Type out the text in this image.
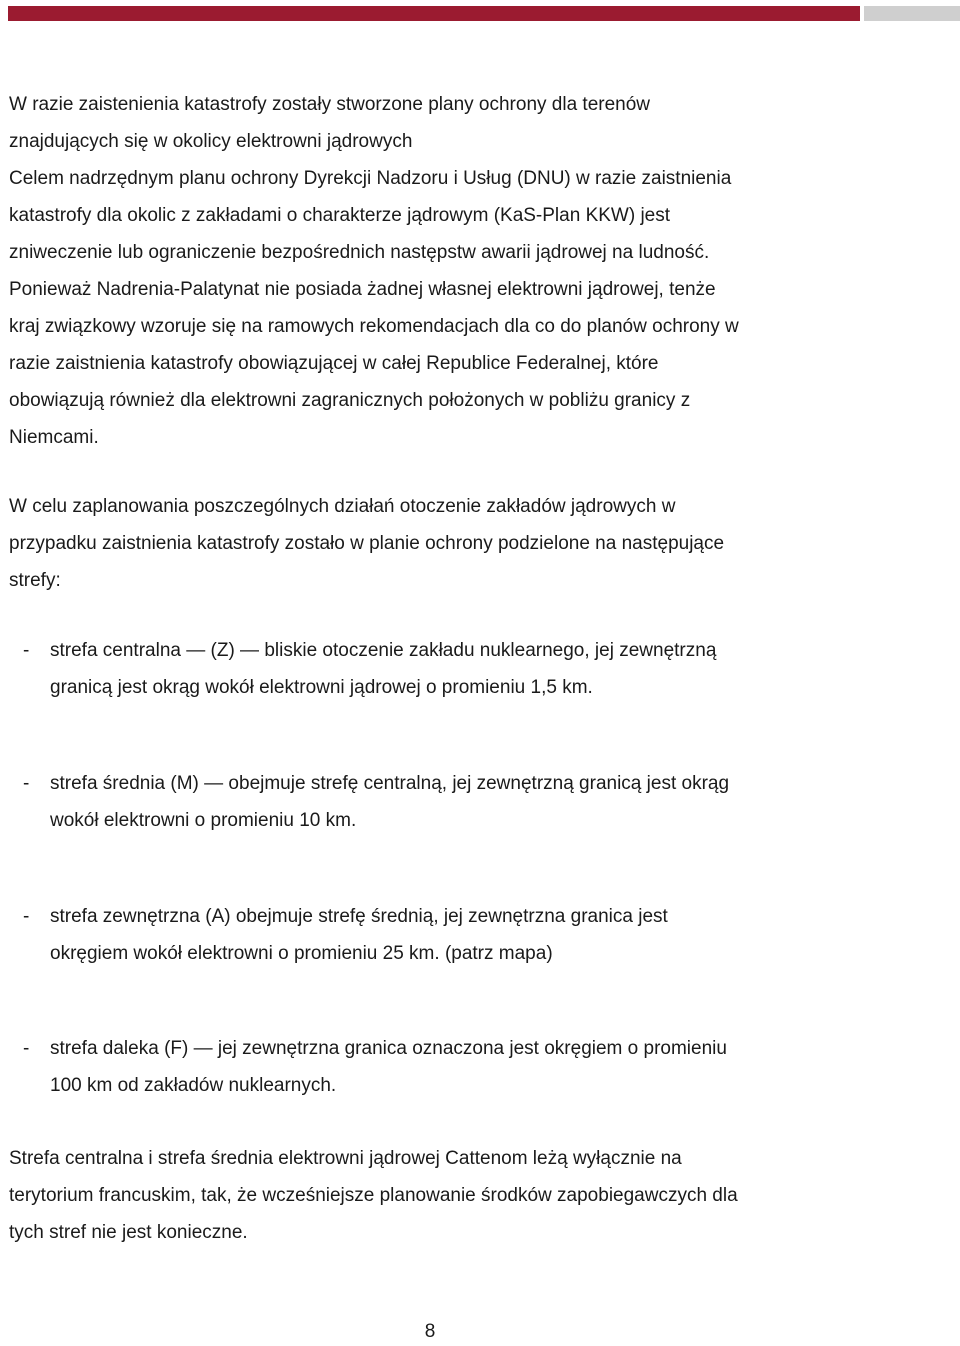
W razie zaistenienia katastrofy zostały stworzone plany ochrony dla terenów
znajdujących się w okolicy elektrowni jądrowych
Celem nadrzędnym planu ochrony Dyrekcji Nadzoru i Usług (DNU) w razie zaistnienia
katastrofy dla okolic z zakładami o charakterze jądrowym (KaS-Plan KKW) jest
zniweczenie lub ograniczenie bezpośrednich następstw awarii jądrowej na ludność.
Ponieważ Nadrenia-Palatynat nie posiada żadnej własnej elektrowni jądrowej, tenże
kraj związkowy wzoruje się na ramowych rekomendacjach dla co do planów ochrony w
razie zaistnienia katastrofy obowiązującej w całej Republice Federalnej, które
obowiązują również dla elektrowni zagranicznych położonych w pobliżu granicy z
Niemcami.
W celu zaplanowania poszczególnych działań otoczenie zakładów jądrowych w
przypadku zaistnienia katastrofy zostało w planie ochrony podzielone na następujące
strefy:
- strefa centralna — (Z) — bliskie otoczenie zakładu nuklearnego, jej zewnętrzną
granicą jest okrąg wokół elektrowni jądrowej o promieniu 1,5 km.
- strefa średnia (M) — obejmuje strefę centralną, jej zewnętrzną granicą jest okrąg
wokół elektrowni o promieniu 10 km.
- strefa zewnętrzna (A) obejmuje strefę średnią, jej zewnętrzna granica jest
okręgiem wokół elektrowni o promieniu 25 km. (patrz mapa)
- strefa daleka (F) — jej zewnętrzna granica oznaczona jest okręgiem o promieniu
100 km od zakładów nuklearnych.
Strefa centralna i strefa średnia elektrowni jądrowej Cattenom leżą wyłącznie na
terytorium francuskim, tak, że wcześniejsze planowanie środków zapobiegawczych dla
tych stref nie jest konieczne.
8
